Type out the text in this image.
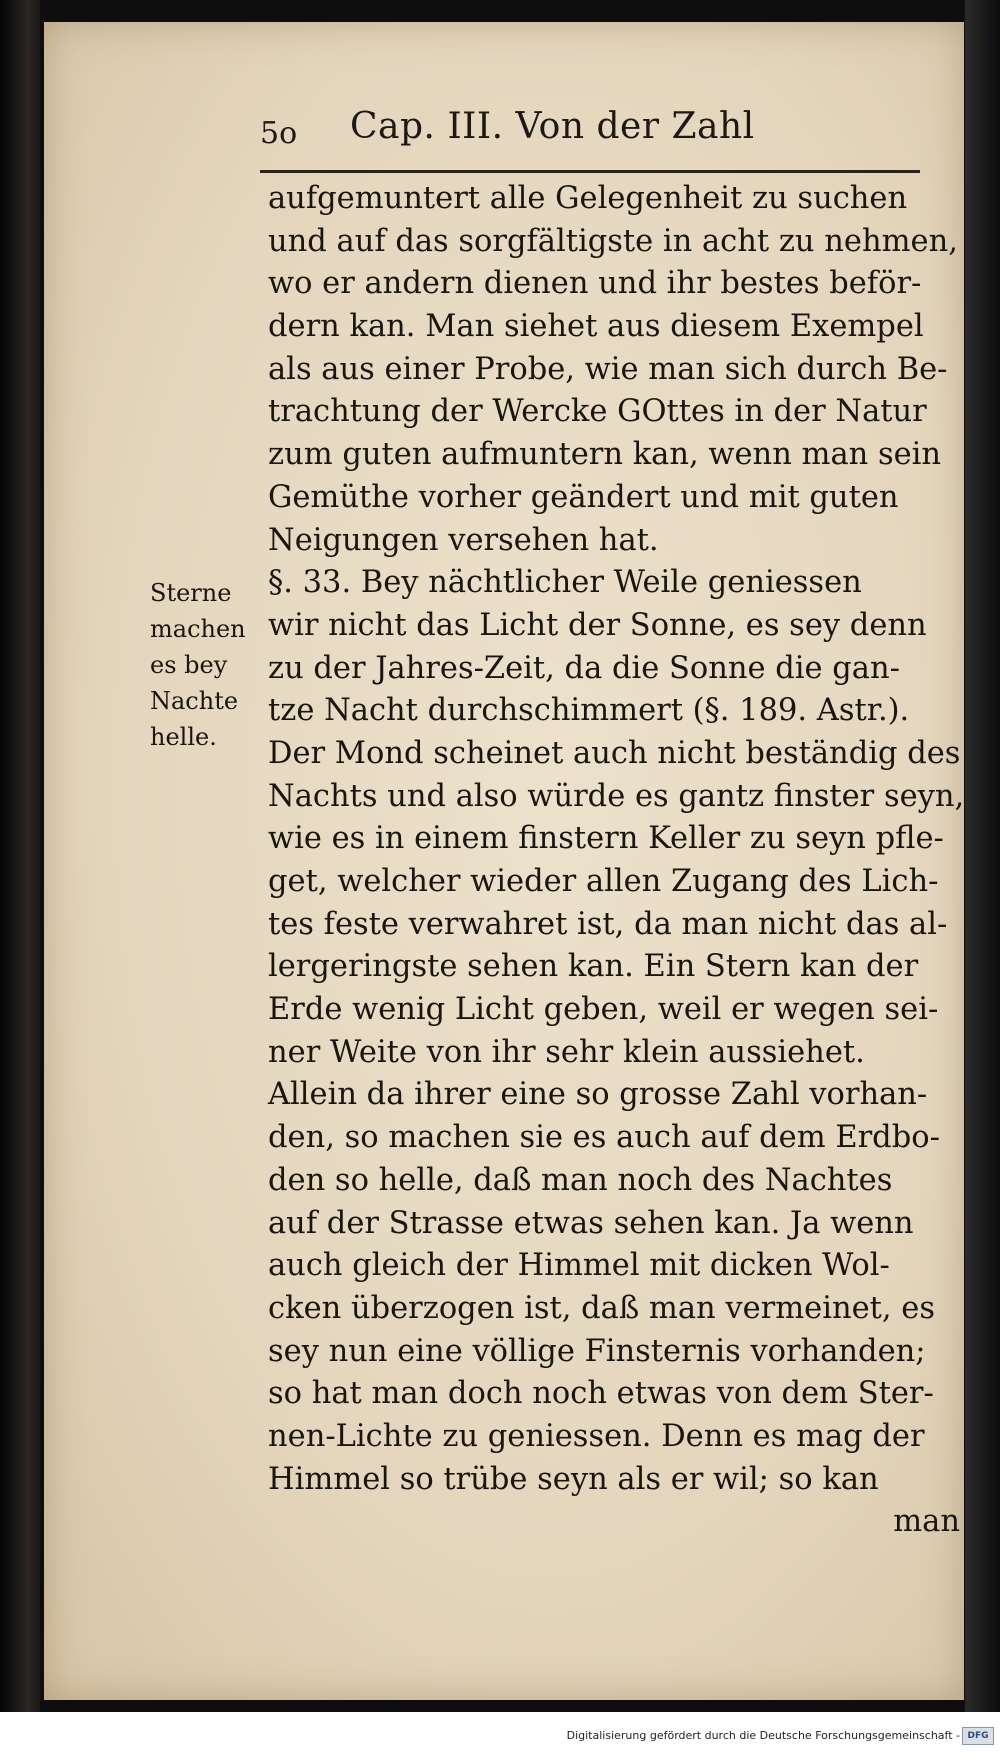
5o Cap. III. Von der Zahl
Sterne
machen
es bey
Nachte
helle.
aufgemuntert alle Gelegenheit zu suchen
und auf das sorgfältigste in acht zu nehmen,
wo er andern dienen und ihr bestes beför-
dern kan. Man siehet aus diesem Exempel
als aus einer Probe, wie man sich durch Be-
trachtung der Wercke GOttes in der Natur
zum guten aufmuntern kan, wenn man sein
Gemüthe vorher geändert und mit guten
Neigungen versehen hat.
§. 33. Bey nächtlicher Weile geniessen
wir nicht das Licht der Sonne, es sey denn
zu der Jahres-Zeit, da die Sonne die gan-
tze Nacht durchschimmert (§. 189. Astr.).
Der Mond scheinet auch nicht beständig des
Nachts und also würde es gantz finster seyn,
wie es in einem finstern Keller zu seyn pfle-
get, welcher wieder allen Zugang des Lich-
tes feste verwahret ist, da man nicht das al-
lergeringste sehen kan. Ein Stern kan der
Erde wenig Licht geben, weil er wegen sei-
ner Weite von ihr sehr klein aussiehet.
Allein da ihrer eine so grosse Zahl vorhan-
den, so machen sie es auch auf dem Erdbo-
den so helle, daß man noch des Nachtes
auf der Strasse etwas sehen kan. Ja wenn
auch gleich der Himmel mit dicken Wol-
cken überzogen ist, daß man vermeinet, es
sey nun eine völlige Finsternis vorhanden;
so hat man doch noch etwas von dem Ster-
nen-Lichte zu geniessen. Denn es mag der
Himmel so trübe seyn als er wil; so kan
man
Digitalisierung gefördert durch die Deutsche Forschungsgemeinschaft - DFG
